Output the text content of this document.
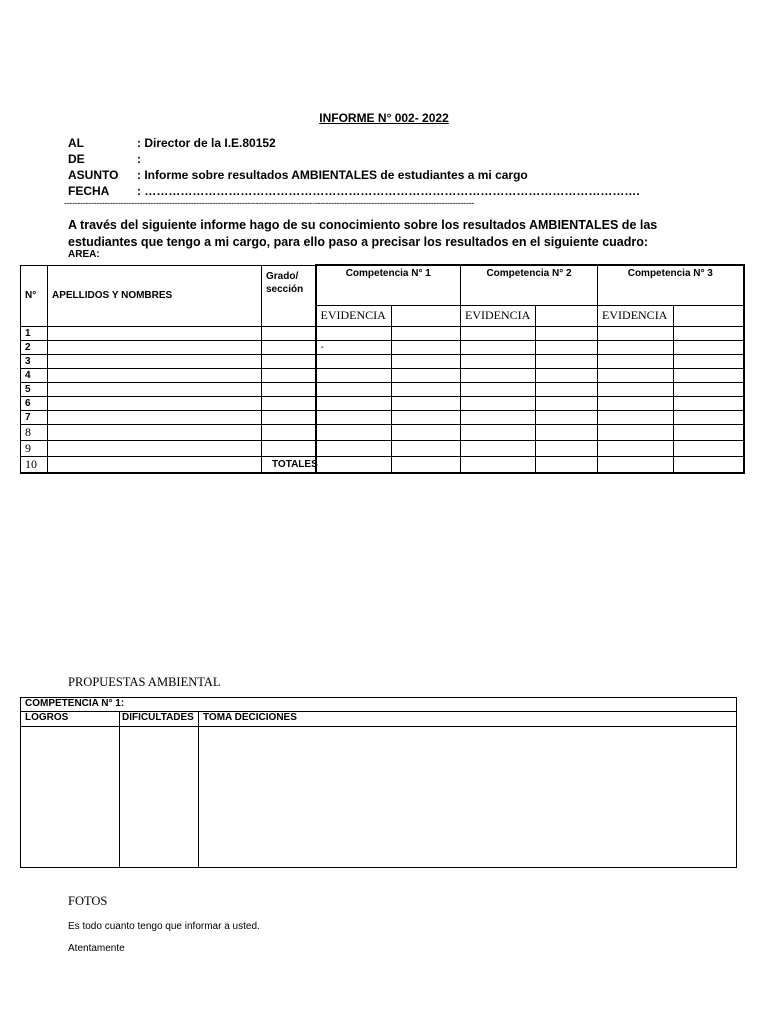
INFORME N° 002- 2022
AL	: Director de la I.E.80152
DE	:
ASUNTO : Informe sobre resultados AMBIENTALES de estudiantes a mi cargo
FECHA : …………………………………………………………………………………………………………….
--------------------------------------------------------------------------------------------------------------------------------------------------------
A través del siguiente informe hago de su conocimiento sobre los resultados AMBIENTALES de las estudiantes que tengo a mi cargo, para ello paso a precisar los resultados en el siguiente cuadro:
AREA:
N°	APELLIDOS Y NOMBRES	Grado/ sección	Competencia N° 1		Competencia N° 2		Competencia N° 3	
			EVIDENCIA		EVIDENCIA		EVIDENCIA	
1								
2			-					
3								
4								
5								
6								
7								
8								
9								
10		TOTALES						
PROPUESTAS AMBIENTAL
COMPETENCIA N° 1:		
LOGROS	DIFICULTADES	TOMA DECICIONES

FOTOS
Es todo cuanto tengo que informar a usted.
Atentamente
